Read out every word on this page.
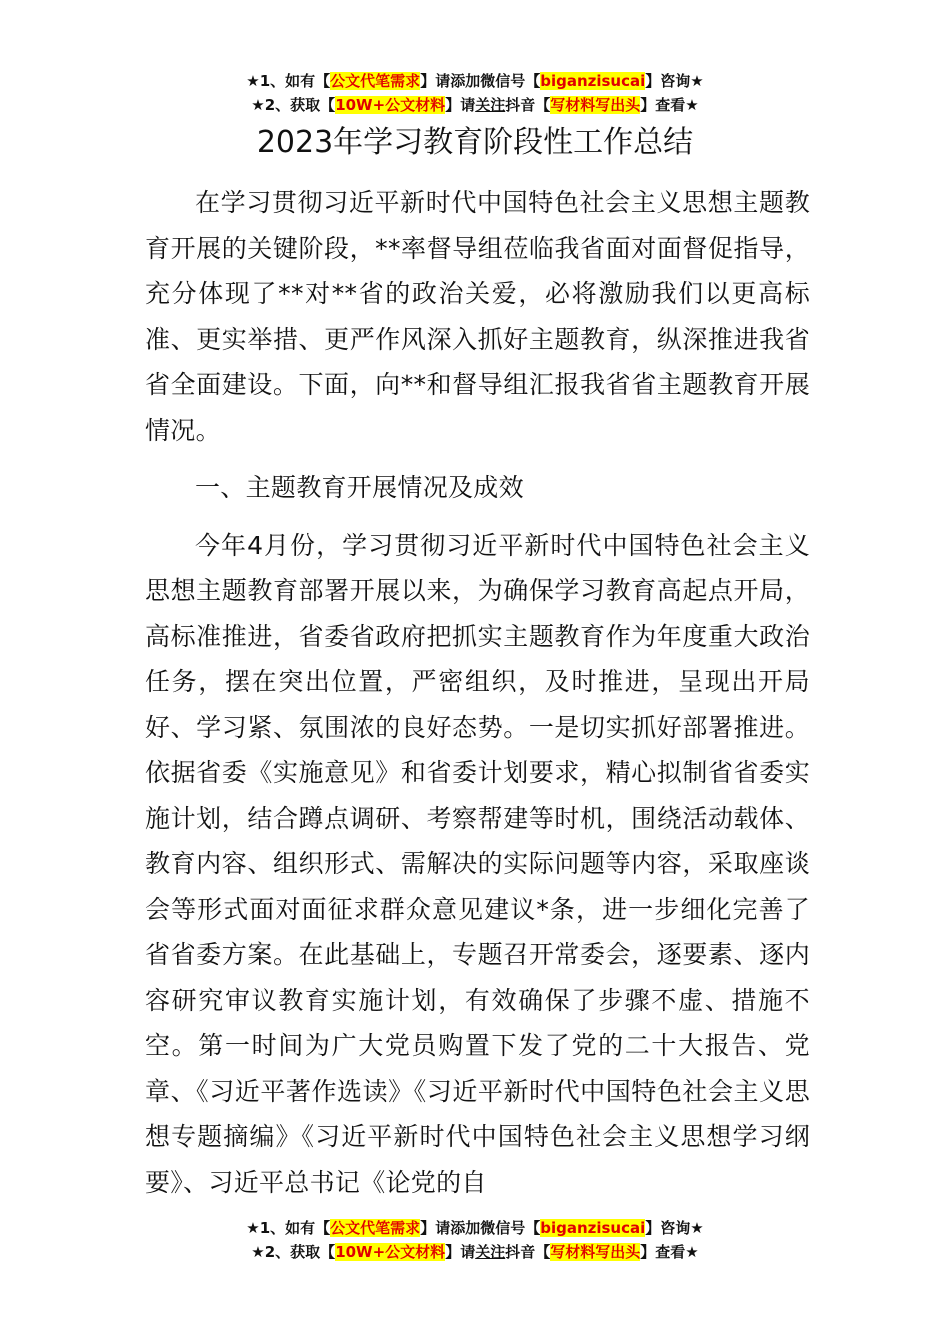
★1、如有【公文代笔需求】请添加微信号【biganzisucai】咨询★
★2、获取【10W+公文材料】请关注抖音【写材料写出头】查看★
2023年学习教育阶段性工作总结

在学习贯彻习近平新时代中国特色社会主义思想主题教育开展的关键阶段，**率督导组莅临我省面对面督促指导，充分体现了**对**省的政治关爱，必将激励我们以更高标准、更实举措、更严作风深入抓好主题教育，纵深推进我省省全面建设。下面，向**和督导组汇报我省省主题教育开展情况。

一、主题教育开展情况及成效

今年4月份，学习贯彻习近平新时代中国特色社会主义思想主题教育部署开展以来，为确保学习教育高起点开局，高标准推进，省委省政府把抓实主题教育作为年度重大政治任务，摆在突出位置，严密组织，及时推进，呈现出开局好、学习紧、氛围浓的良好态势。一是切实抓好部署推进。依据省委《实施意见》和省委计划要求，精心拟制省省委实施计划，结合蹲点调研、考察帮建等时机，围绕活动载体、教育内容、组织形式、需解决的实际问题等内容，采取座谈会等形式面对面征求群众意见建议*条，进一步细化完善了省省委方案。在此基础上，专题召开常委会，逐要素、逐内容研究审议教育实施计划，有效确保了步骤不虚、措施不空。第一时间为广大党员购置下发了党的二十大报告、党章、《习近平著作选读》《习近平新时代中国特色社会主义思想专题摘编》《习近平新时代中国特色社会主义思想学习纲要》、习近平总书记《论党的自

★1、如有【公文代笔需求】请添加微信号【biganzisucai】咨询★
★2、获取【10W+公文材料】请关注抖音【写材料写出头】查看★
